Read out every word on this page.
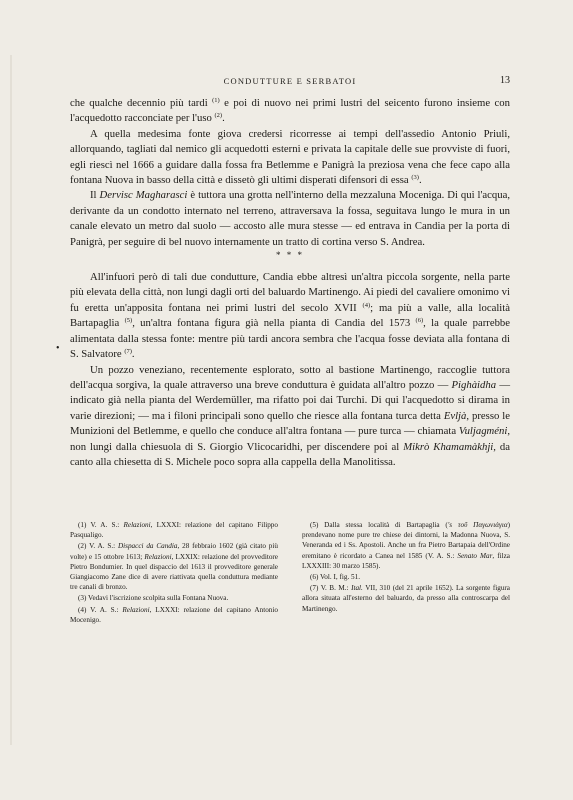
CONDUTTURE E SERBATOI	13
•

che qualche decennio più tardi $^{(1)}$ e poi di nuovo nei primi lustri del seicento furono insieme con l'acquedotto racconciate per l'uso $^{(2)}$.

A quella medesima fonte giova credersi ricorresse ai tempi dell'assedio Antonio Priuli, allorquando, tagliati dal nemico gli acquedotti esterni e privata la capitale delle sue provviste di fuori, egli riescì nel 1666 a guidare dalla fossa fra Betlemme e Panigrà la preziosa vena che fece capo alla fontana Nuova in basso della città e dissetò gli ultimi disperati difensori di essa $^{(3)}$.

Il Dervisc Magharasci è tuttora una grotta nell'interno della mezzaluna Moceniga. Di qui l'acqua, derivante da un condotto internato nel terreno, attraversava la fossa, seguitava lungo le mura in un canale elevato un metro dal suolo — accosto alle mura stesse — ed entrava in Candia per la porta di Panigrà, per seguire di bel nuovo internamente un tratto di cortina verso S. Andrea.

* * *

All'infuori però di tali due condutture, Candia ebbe altresì un'altra piccola sorgente, nella parte più elevata della città, non lungi dagli orti del baluardo Martinengo. Ai piedi del cavaliere omonimo vi fu eretta un'apposita fontana nei primi lustri del secolo XVII $^{(4)}$; ma più a valle, alla località Bartapaglia $^{(5)}$, un'altra fontana figura già nella pianta di Candia del 1573 $^{(6)}$, la quale parrebbe alimentata dalla stessa fonte: mentre più tardi ancora sembra che l'acqua fosse deviata alla fontana di S. Salvatore $^{(7)}$.

Un pozzo veneziano, recentemente esplorato, sotto al bastione Martinengo, raccoglie tuttora dell'acqua sorgiva, la quale attraverso una breve conduttura è guidata all'altro pozzo — Pighàidha — indicato già nella pianta del Werdemüller, ma rifatto poi dai Turchi. Di qui l'acquedotto si dirama in varie direzioni; — ma i filoni principali sono quello che riesce alla fontana turca detta Evljà, presso le Munizioni del Betlemme, e quello che conduce all'altra fontana — pure turca — chiamata Vuljagméni, non lungi dalla chiesuola di S. Giorgio Vlicocaridhi, per discendere poi al Mikrò Khamamàkhji, da canto alla chiesetta di S. Michele poco sopra alla cappella della Manolitissa.

(1) V. A. S.: Relazioni, LXXXI: relazione del capitano Filippo Pasqualigo.

(2) V. A. S.: Dispacci da Candia, 28 febbraio 1602 (già citato più volte) e 15 ottobre 1613; Relazioni, LXXIX: relazione del provveditore Pietro Bondumier. In quel dispaccio del 1613 il provveditore generale Giangiacomo Zane dice di avere riattivata quella conduttura mediante tre canali di bronzo.

(3) Vedavi l'iscrizione scolpita sulla Fontana Nuova.

(4) V. A. S.: Relazioni, LXXXI: relazione del capitano Antonio Mocenigo.

(5) Dalla stessa località di Bartapaglia ('s τοῦ Παγωνιάγια) prendevano nome pure tre chiese dei dintorni, la Madonna Nuova, S. Veneranda ed i Ss. Apostoli. Anche un fra Pietro Bartapaia dell'Ordine eremitano è ricordato a Canea nel 1585 (V. A. S.: Senato Mar, filza LXXXIII: 30 marzo 1585).

(6) Vol. I, fig. 51.

(7) V. B. M.: Ital. VII, 310 (del 21 aprile 1652). La sorgente figura allora situata all'esterno del baluardo, da presso alla controscarpa del Martinengo.
